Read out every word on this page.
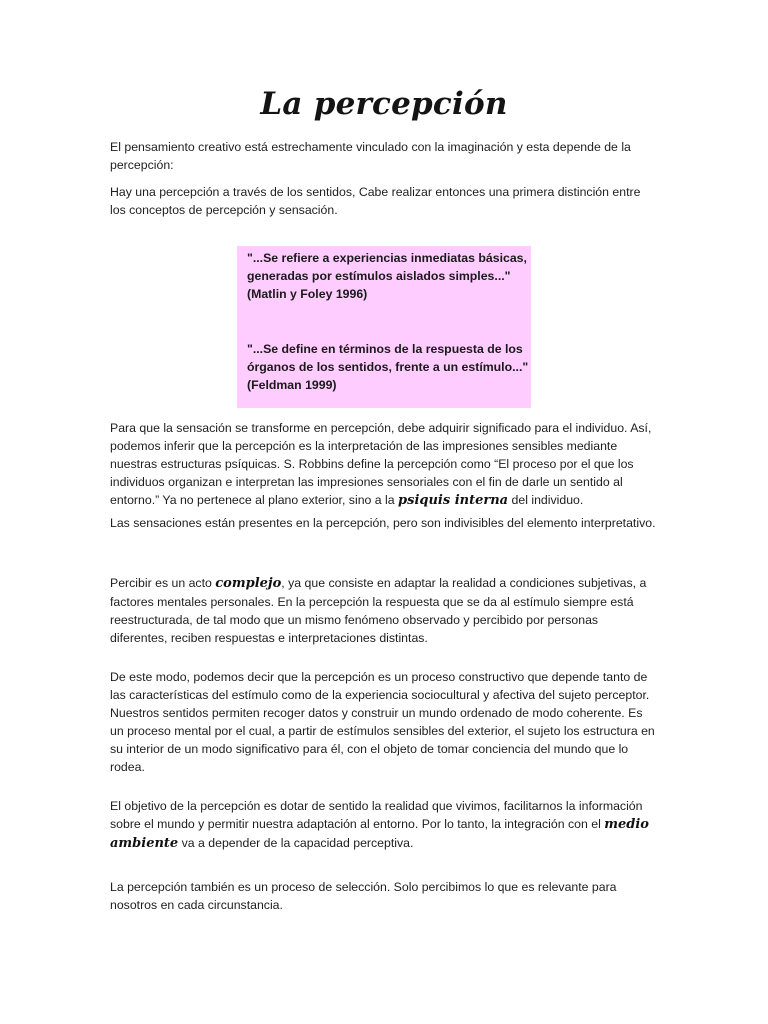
La percepción

El pensamiento creativo está estrechamente vinculado con la imaginación y esta depende de la percepción:

Hay una percepción a través de los sentidos, Cabe realizar entonces una primera distinción entre los conceptos de percepción y sensación.

"...Se refiere a experiencias inmediatas básicas, generadas por estímulos aislados simples..."
(Matlin y Foley 1996)

"...Se define en términos de la respuesta de los órganos de los sentidos, frente a un estímulo..."
(Feldman 1999)

Para que la sensación se transforme en percepción, debe adquirir significado para el individuo. Así, podemos inferir que la percepción es la interpretación de las impresiones sensibles mediante nuestras estructuras psíquicas. S. Robbins define la percepción como “El proceso por el que los individuos organizan e interpretan las impresiones sensoriales con el fin de darle un sentido al entorno.” Ya no pertenece al plano exterior, sino a la psiquis interna del individuo.

Las sensaciones están presentes en la percepción, pero son indivisibles del elemento interpretativo.

Percibir es un acto complejo, ya que consiste en adaptar la realidad a condiciones subjetivas, a factores mentales personales. En la percepción la respuesta que se da al estímulo siempre está reestructurada, de tal modo que un mismo fenómeno observado y percibido por personas diferentes, reciben respuestas e interpretaciones distintas.

De este modo, podemos decir que la percepción es un proceso constructivo que depende tanto de las características del estímulo como de la experiencia sociocultural y afectiva del sujeto perceptor. Nuestros sentidos permiten recoger datos y construir un mundo ordenado de modo coherente. Es un proceso mental por el cual, a partir de estímulos sensibles del exterior, el sujeto los estructura en su interior de un modo significativo para él, con el objeto de tomar conciencia del mundo que lo rodea.

El objetivo de la percepción es dotar de sentido la realidad que vivimos, facilitarnos la información sobre el mundo y permitir nuestra adaptación al entorno. Por lo tanto, la integración con el medio ambiente va a depender de la capacidad perceptiva.

La percepción también es un proceso de selección. Solo percibimos lo que es relevante para nosotros en cada circunstancia.
